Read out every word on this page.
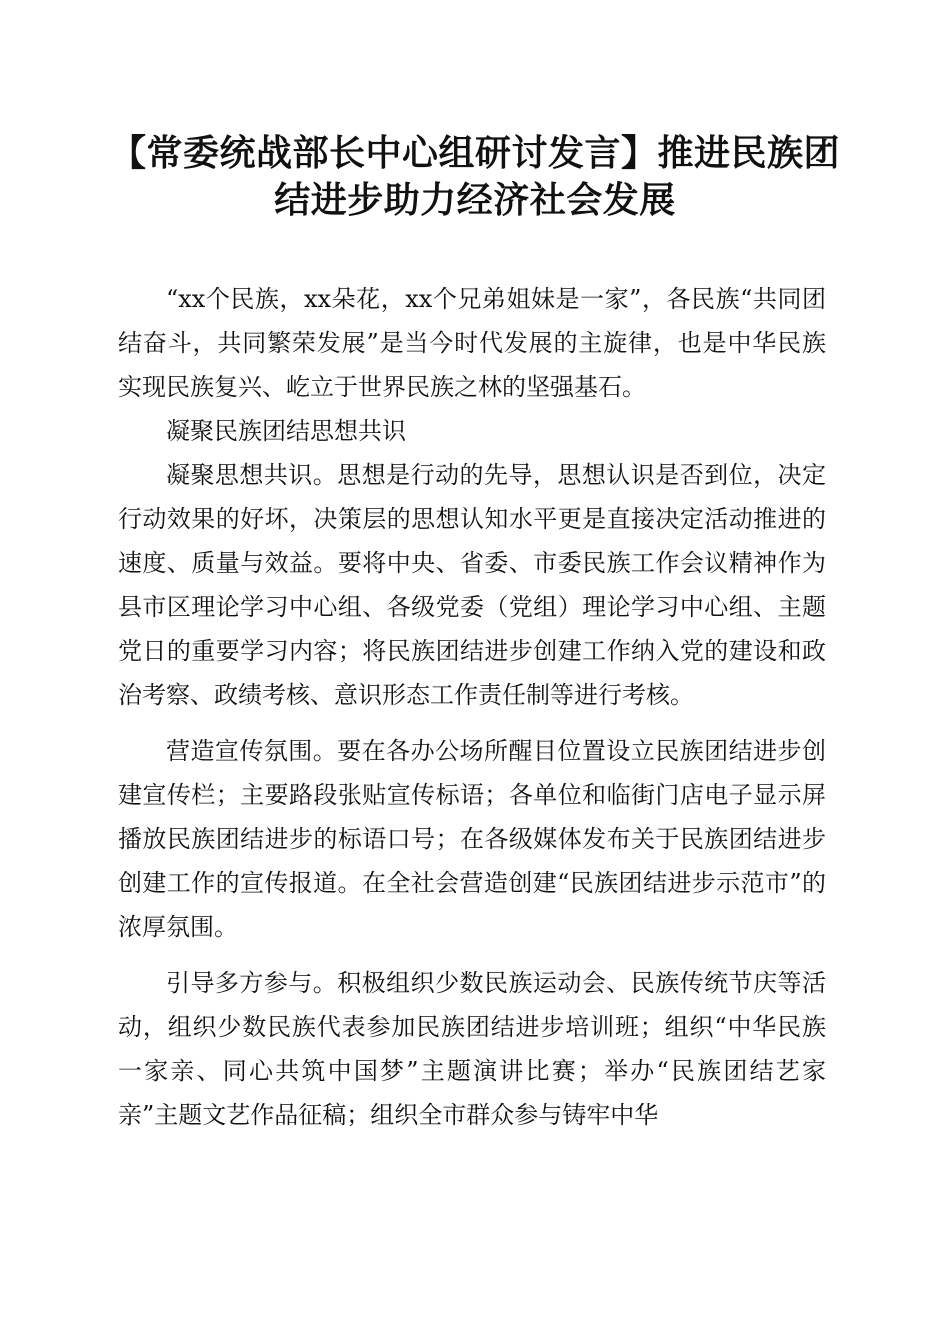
【常委统战部长中心组研讨发言】推进民族团
结进步助力经济社会发展

“xx个民族，xx朵花，xx个兄弟姐妹是一家”，各民族“共同团结奋斗，共同繁荣发展”是当今时代发展的主旋律，也是中华民族实现民族复兴、屹立于世界民族之林的坚强基石。

凝聚民族团结思想共识

凝聚思想共识。思想是行动的先导，思想认识是否到位，决定行动效果的好坏，决策层的思想认知水平更是直接决定活动推进的速度、质量与效益。要将中央、省委、市委民族工作会议精神作为县市区理论学习中心组、各级党委（党组）理论学习中心组、主题党日的重要学习内容；将民族团结进步创建工作纳入党的建设和政治考察、政绩考核、意识形态工作责任制等进行考核。

营造宣传氛围。要在各办公场所醒目位置设立民族团结进步创建宣传栏；主要路段张贴宣传标语；各单位和临街门店电子显示屏播放民族团结进步的标语口号；在各级媒体发布关于民族团结进步创建工作的宣传报道。在全社会营造创建“民族团结进步示范市”的浓厚氛围。

引导多方参与。积极组织少数民族运动会、民族传统节庆等活动，组织少数民族代表参加民族团结进步培训班；组织“中华民族一家亲、同心共筑中国梦”主题演讲比赛；举办“民族团结艺家亲”主题文艺作品征稿；组织全市群众参与铸牢中华
